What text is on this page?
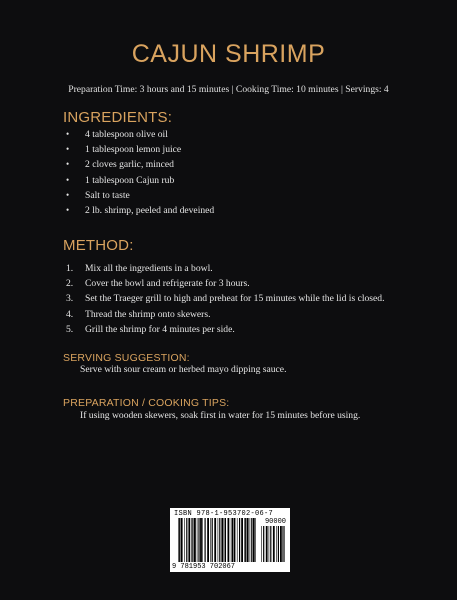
CAJUN SHRIMP
Preparation Time: 3 hours and 15 minutes | Cooking Time: 10 minutes | Servings: 4
INGREDIENTS:
• 4 tablespoon olive oil
• 1 tablespoon lemon juice
• 2 cloves garlic, minced
• 1 tablespoon Cajun rub
• Salt to taste
• 2 lb. shrimp, peeled and deveined
METHOD:
1. Mix all the ingredients in a bowl.
2. Cover the bowl and refrigerate for 3 hours.
3. Set the Traeger grill to high and preheat for 15 minutes while the lid is closed.
4. Thread the shrimp onto skewers.
5. Grill the shrimp for 4 minutes per side.
SERVING SUGGESTION:
Serve with sour cream or herbed mayo dipping sauce.
PREPARATION / COOKING TIPS:
If using wooden skewers, soak first in water for 15 minutes before using.
ISBN 978-1-953702-06-7
90000
9 781953 702067
